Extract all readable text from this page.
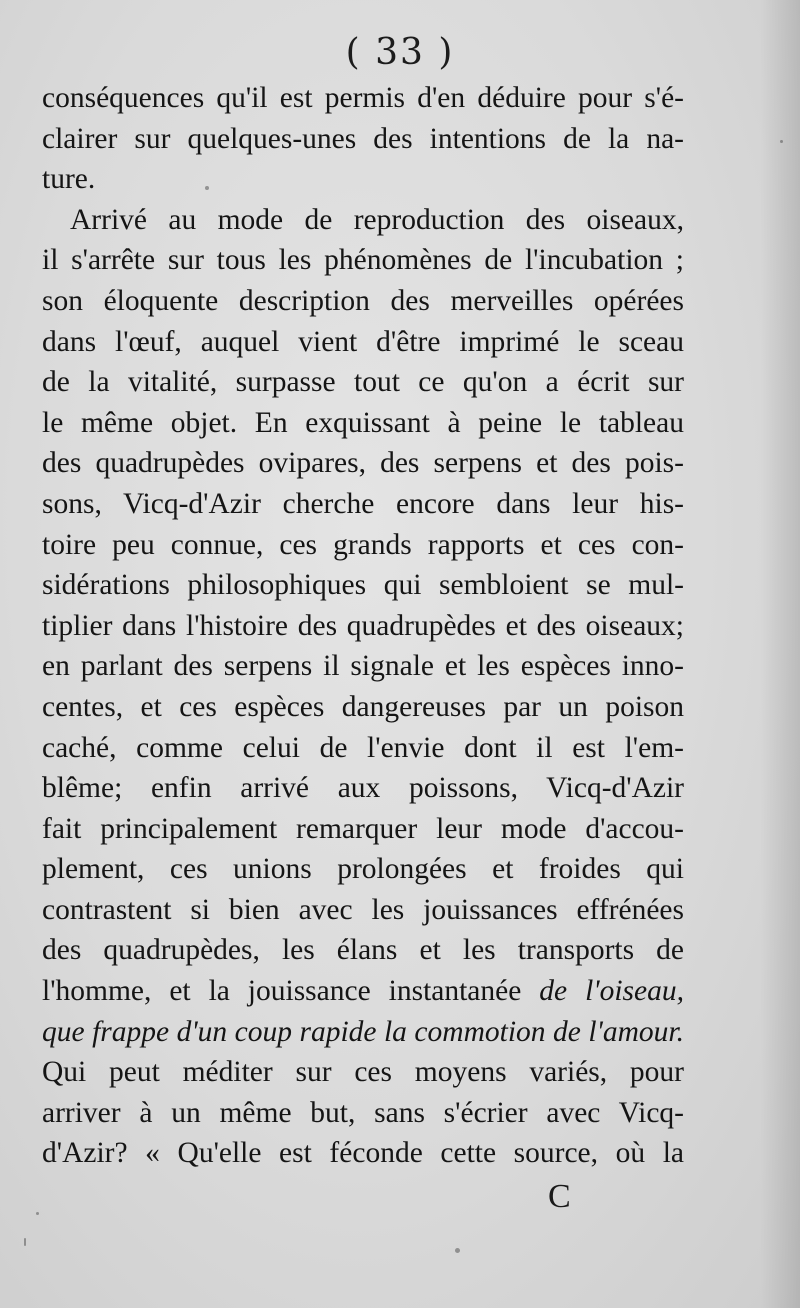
( 33 )
conséquences qu'il est permis d'en déduire pour s'é-
clairer sur quelques-unes des intentions de la na-
ture.
Arrivé au mode de reproduction des oiseaux,
il s'arrête sur tous les phénomènes de l'incubation ;
son éloquente description des merveilles opérées
dans l'œuf, auquel vient d'être imprimé le sceau
de la vitalité, surpasse tout ce qu'on a écrit sur
le même objet. En exquissant à peine le tableau
des quadrupèdes ovipares, des serpens et des pois-
sons, Vicq-d'Azir cherche encore dans leur his-
toire peu connue, ces grands rapports et ces con-
sidérations philosophiques qui sembloient se mul-
tiplier dans l'histoire des quadrupèdes et des oiseaux;
en parlant des serpens il signale et les espèces inno-
centes, et ces espèces dangereuses par un poison
caché, comme celui de l'envie dont il est l'em-
blême; enfin arrivé aux poissons, Vicq-d'Azir
fait principalement remarquer leur mode d'accou-
plement, ces unions prolongées et froides qui
contrastent si bien avec les jouissances effrénées
des quadrupèdes, les élans et les transports de
l'homme, et la jouissance instantanée de l'oiseau,
que frappe d'un coup rapide la commotion de l'amour.
Qui peut méditer sur ces moyens variés, pour
arriver à un même but, sans s'écrier avec Vicq-
d'Azir? « Qu'elle est féconde cette source, où la
C
